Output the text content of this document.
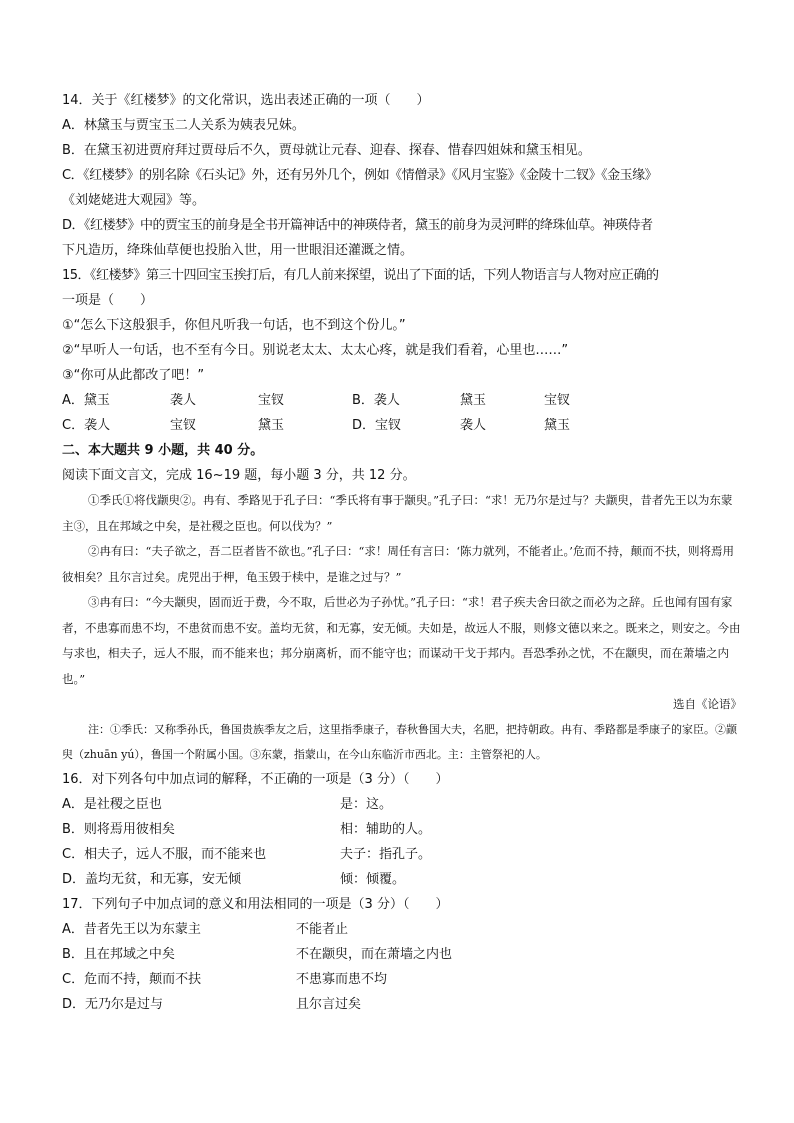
14．关于《红楼梦》的文化常识，选出表述正确的一项（　　）
A．林黛玉与贾宝玉二人关系为姨表兄妹。
B．在黛玉初进贾府拜过贾母后不久，贾母就让元春、迎春、探春、惜春四姐妹和黛玉相见。
C．《红楼梦》的别名除《石头记》外，还有另外几个，例如《情僧录》《风月宝鉴》《金陵十二钗》《金玉缘》
《刘姥姥进大观园》等。
D．《红楼梦》中的贾宝玉的前身是全书开篇神话中的神瑛侍者，黛玉的前身为灵河畔的绛珠仙草。神瑛侍者
下凡造历，绛珠仙草便也投胎入世，用一世眼泪还灌溉之情。
15．《红楼梦》第三十四回宝玉挨打后，有几人前来探望，说出了下面的话，下列人物语言与人物对应正确的
一项是（　　）
①“怎么下这般狠手，你但凡听我一句话，也不到这个份儿。”
②“早听人一句话，也不至有今日。别说老太太、太太心疼，就是我们看着，心里也……”
③“你可从此都改了吧！”
A．黛玉	袭人	宝钗	B．袭人	黛玉	宝钗
C．袭人	宝钗	黛玉	D．宝钗	袭人	黛玉
二、本大题共 9 小题，共 40 分。
阅读下面文言文，完成 16~19 题，每小题 3 分，共 12 分。
①季氏①将伐颛臾②。冉有、季路见于孔子曰：“季氏将有事于颛臾。”孔子曰：“求！无乃尔是过与？夫颛臾，昔者先王以为东蒙主③，且在邦域之中矣，是社稷之臣也。何以伐为？”
②冉有曰：“夫子欲之，吾二臣者皆不欲也。”孔子曰：“求！周任有言曰：‘陈力就列，不能者止。’危而不持，颠而不扶，则将焉用彼相矣？且尔言过矣。虎兕出于柙，龟玉毁于椟中，是谁之过与？”
③冉有曰：“今夫颛臾，固而近于费，今不取，后世必为子孙忧。”孔子曰：“求！君子疾夫舍曰欲之而必为之辞。丘也闻有国有家者，不患寡而患不均，不患贫而患不安。盖均无贫，和无寡，安无倾。夫如是，故远人不服，则修文德以来之。既来之，则安之。今由与求也，相夫子，远人不服，而不能来也；邦分崩离析，而不能守也；而谋动干戈于邦内。吾恐季孙之忧，不在颛臾，而在萧墙之内也。”
选自《论语》
注：①季氏：又称季孙氏，鲁国贵族季友之后，这里指季康子，春秋鲁国大夫，名肥，把持朝政。冉有、季路都是季康子的家臣。②颛臾（zhuān yú），鲁国一个附属小国。③东蒙，指蒙山，在今山东临沂市西北。主：主管祭祀的人。
16．对下列各句中加点词的解释，不正确的一项是（3 分）（　　）
A．是社稷之臣也	是：这。
B．则将焉用彼相矣	相：辅助的人。
C．相夫子，远人不服，而不能来也	夫子：指孔子。
D．盖均无贫，和无寡，安无倾	倾：倾覆。
17．下列句子中加点词的意义和用法相同的一项是（3 分）（　　）
A．昔者先王以为东蒙主	不能者止
B．且在邦域之中矣	不在颛臾，而在萧墙之内也
C．危而不持，颠而不扶	不患寡而患不均
D．无乃尔是过与	且尔言过矣
